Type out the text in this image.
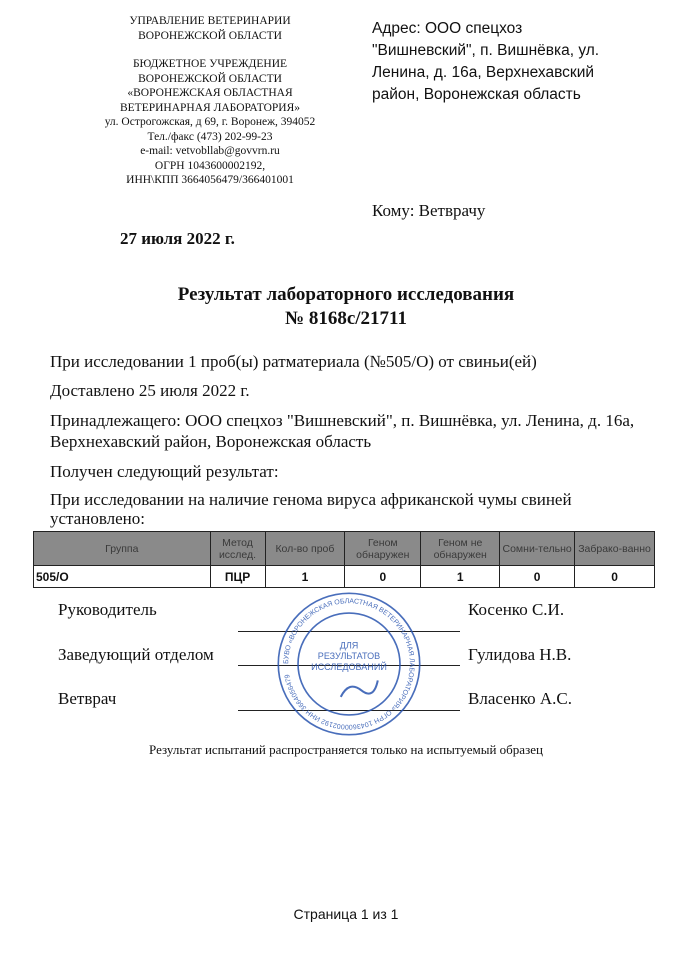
УПРАВЛЕНИЕ ВЕТЕРИНАРИИ
ВОРОНЕЖСКОЙ ОБЛАСТИ
БЮДЖЕТНОЕ УЧРЕЖДЕНИЕ
ВОРОНЕЖСКОЙ ОБЛАСТИ
«ВОРОНЕЖСКАЯ ОБЛАСТНАЯ
ВЕТЕРИНАРНАЯ ЛАБОРАТОРИЯ»
ул. Острогожская, д 69, г. Воронеж, 394052
Тел./факс (473) 202-99-23
e-mail: vetvobllab@govvrn.ru
ОГРН 1043600002192,
ИНН\КПП 3664056479/366401001
Адрес: ООО спецхоз
"Вишневский", п. Вишнёвка, ул.
Ленина, д. 16а, Верхнехавский
район, Воронежская область
Кому: Ветврачу
27 июля 2022 г.
Результат лабораторного исследования
№ 8168с/21711
При исследовании 1 проб(ы) ратматериала (№505/О) от свиньи(ей)
Доставлено 25 июля 2022 г.
Принадлежащего: ООО спецхоз "Вишневский", п. Вишнёвка, ул. Ленина, д. 16а, Верхнехавский район, Воронежская область
Получен следующий результат:
При исследовании на наличие генома вируса африканской чумы свиней установлено:
Группа	Метод исслед.	Кол-во проб	Геном обнаружен	Геном не обнаружен	Сомни-тельно	Забрако-ванно
505/О	ПЦР	1	0	1	0	0
Руководитель	Косенко С.И.
Заведующий отделом	Гулидова Н.В.
Ветврач	Власенко А.С.
БУВО «ВОРОНЕЖСКАЯ ОБЛАСТНАЯ ВЕТЕРИНАРНАЯ ЛАБОРАТОРИЯ» ОГРН 1043600002192 ИНН 3664056479
ДЛЯ РЕЗУЛЬТАТОВ ИССЛЕДОВАНИЙ
Результат испытаний распространяется только на испытуемый образец
Страница 1 из 1
